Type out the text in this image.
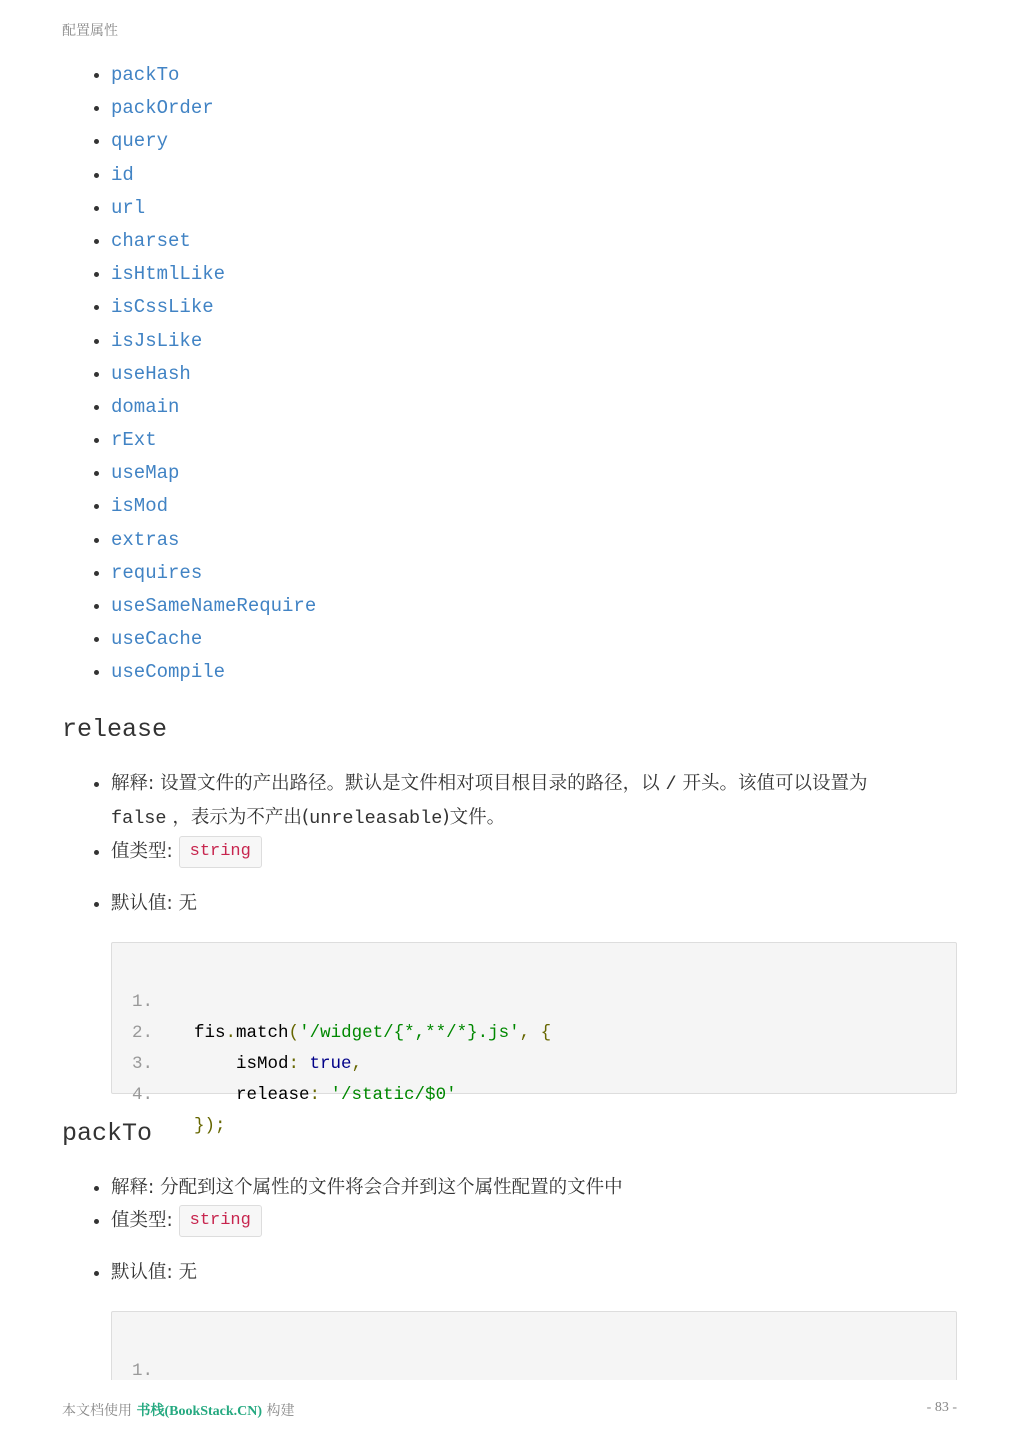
配置属性
• packTo
• packOrder
• query
• id
• url
• charset
• isHtmlLike
• isCssLike
• isJsLike
• useHash
• domain
• rExt
• useMap
• isMod
• extras
• requires
• useSameNameRequire
• useCache
• useCompile
release
• 解释: 设置文件的产出路径。默认是文件相对项目根目录的路径，以 / 开头。该值可以设置为
false ，表示为不产出(unreleasable)文件。
• 值类型: string
• 默认值: 无

1.

fis.match('/widget/{*,**/*}.js', {

2.

isMod: true,

3.

release: '/static/$0'

4.

});

packTo
• 解释: 分配到这个属性的文件将会合并到这个属性配置的文件中
• 值类型: string
• 默认值: 无

1.

本文档使用 书栈(BookStack.CN) 构建	- 83 -
